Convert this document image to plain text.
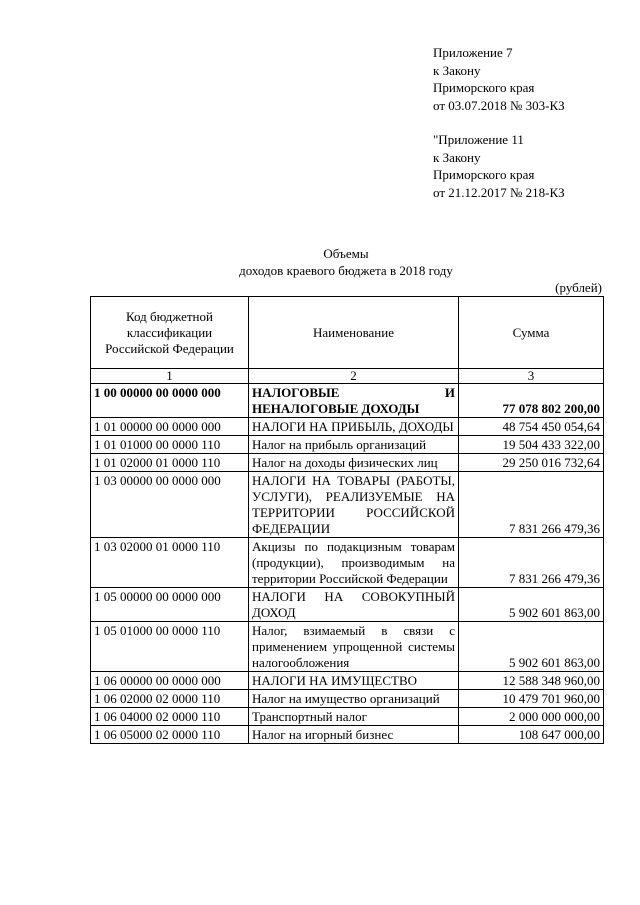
Приложение 7
к Закону
Приморского края
от 03.07.2018 № 303-КЗ
"Приложение 11
к Закону
Приморского края
от 21.12.2017 № 218-КЗ
Объемы
доходов краевого бюджета в 2018 году
(рублей)
Код бюджетной классификации Российской Федерации	Наименование	Сумма
1	2	3
1 00 00000 00 0000 000	НАЛОГОВЫЕ И НЕНАЛОГОВЫЕ ДОХОДЫ	77 078 802 200,00
1 01 00000 00 0000 000	НАЛОГИ НА ПРИБЫЛЬ, ДОХОДЫ	48 754 450 054,64
1 01 01000 00 0000 110	Налог на прибыль организаций	19 504 433 322,00
1 01 02000 01 0000 110	Налог на доходы физических лиц	29 250 016 732,64
1 03 00000 00 0000 000	НАЛОГИ НА ТОВАРЫ (РАБОТЫ, УСЛУГИ), РЕАЛИЗУЕМЫЕ НА ТЕРРИТОРИИ РОССИЙСКОЙ ФЕДЕРАЦИИ	7 831 266 479,36
1 03 02000 01 0000 110	Акцизы по подакцизным товарам (продукции), производимым на территории Российской Федерации	7 831 266 479,36
1 05 00000 00 0000 000	НАЛОГИ НА СОВОКУПНЫЙ ДОХОД	5 902 601 863,00
1 05 01000 00 0000 110	Налог, взимаемый в связи с применением упрощенной системы налогообложения	5 902 601 863,00
1 06 00000 00 0000 000	НАЛОГИ НА ИМУЩЕСТВО	12 588 348 960,00
1 06 02000 02 0000 110	Налог на имущество организаций	10 479 701 960,00
1 06 04000 02 0000 110	Транспортный налог	2 000 000 000,00
1 06 05000 02 0000 110	Налог на игорный бизнес	108 647 000,00
